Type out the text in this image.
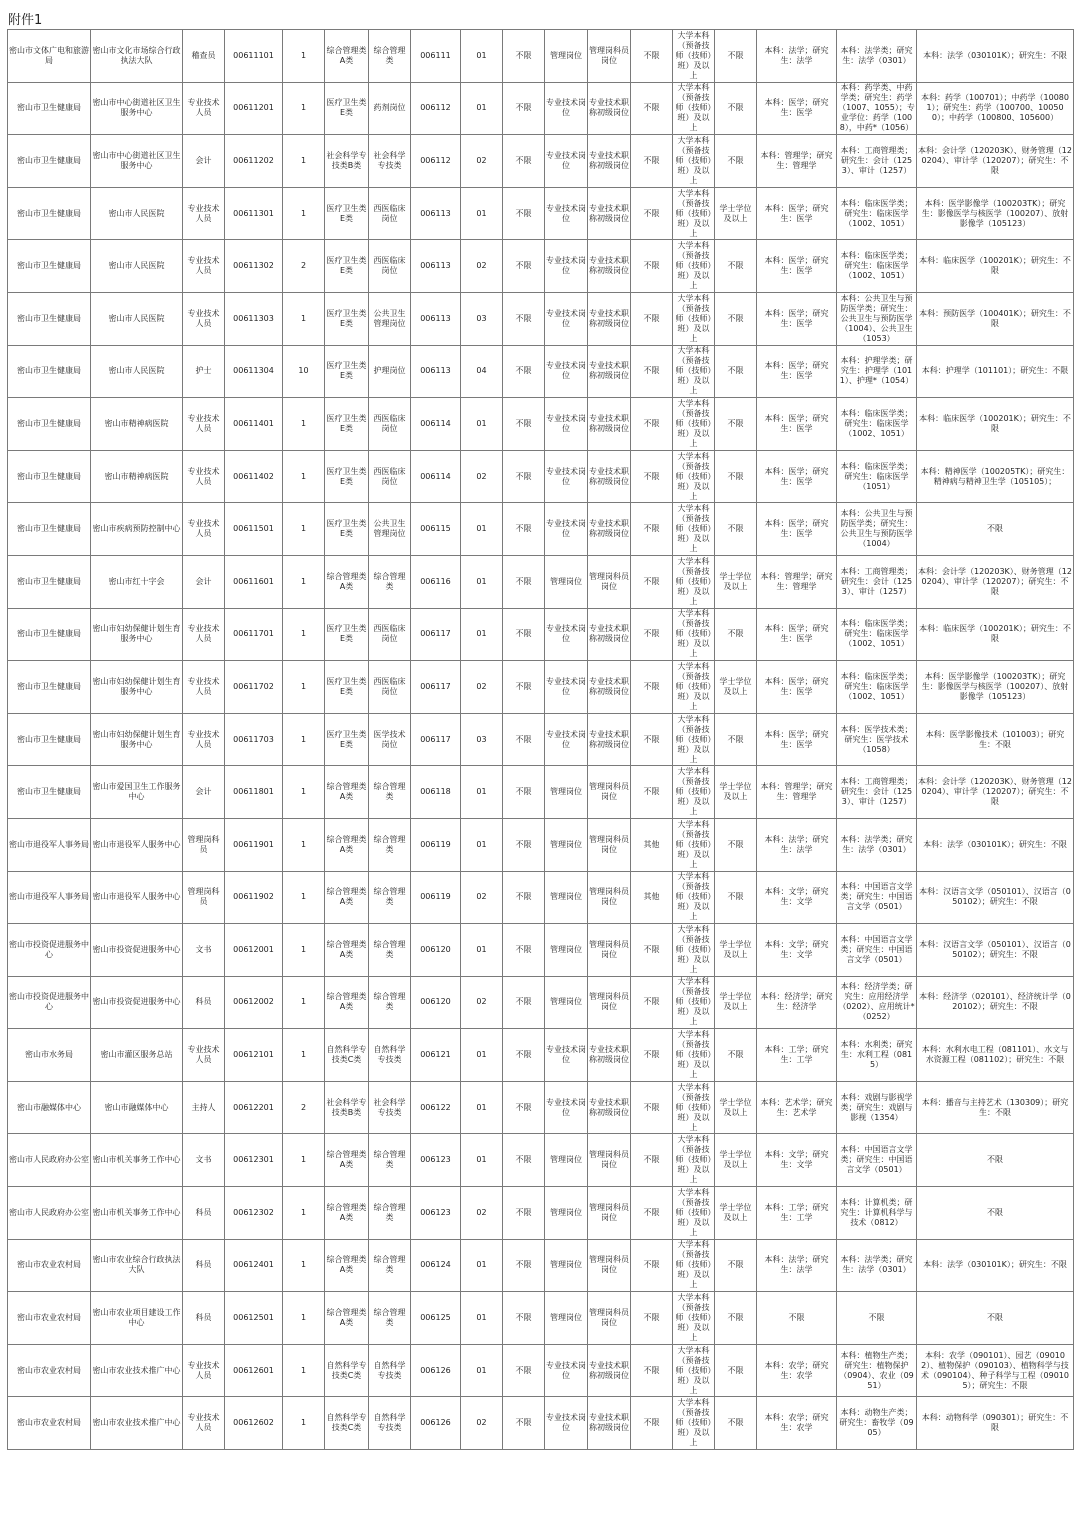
附件1
密山市文体广电和旅游局	密山市文化市场综合行政执法大队	稽查员	00611101	1	综合管理类A类	综合管理类	006111	01	不限	管理岗位	管理岗科员岗位	不限	大学本科（预备技师（技师）班）及以上	不限	本科：法学；研究生：法学	本科：法学类；研究生：法学（0301）	本科：法学（030101K）；研究生：不限
密山市卫生健康局	密山市中心街道社区卫生服务中心	专业技术人员	00611201	1	医疗卫生类E类	药剂岗位	006112	01	不限	专业技术岗位	专业技术职称初级岗位	不限	大学本科（预备技师（技师）班）及以上	不限	本科：医学；研究生：医学	本科：药学类、中药学类；研究生：药学（1007、1055）；专业学位：药学（1008），中药*（1056）	本科：药学（100701）；中药学（100801）；研究生：药学（100700、100500）；中药学（100800、105600）
密山市卫生健康局	密山市中心街道社区卫生服务中心	会计	00611202	1	社会科学专技类B类	社会科学专技类	006112	02	不限	专业技术岗位	专业技术职称初级岗位	不限	大学本科（预备技师（技师）班）及以上	不限	本科：管理学；研究生：管理学	本科：工商管理类；研究生：会计（1253）、审计（1257）	本科：会计学（120203K）、财务管理（120204）、审计学（120207）；研究生：不限
密山市卫生健康局	密山市人民医院	专业技术人员	00611301	1	医疗卫生类E类	西医临床岗位	006113	01	不限	专业技术岗位	专业技术职称初级岗位	不限	大学本科（预备技师（技师）班）及以上	学士学位及以上	本科：医学；研究生：医学	本科：临床医学类；研究生：临床医学（1002、1051）	本科：医学影像学（100203TK）；研究生：影像医学与核医学（100207）、放射影像学（105123）
密山市卫生健康局	密山市人民医院	专业技术人员	00611302	2	医疗卫生类E类	西医临床岗位	006113	02	不限	专业技术岗位	专业技术职称初级岗位	不限	大学本科（预备技师（技师）班）及以上	不限	本科：医学；研究生：医学	本科：临床医学类；研究生：临床医学（1002、1051）	本科：临床医学（100201K）；研究生：不限
密山市卫生健康局	密山市人民医院	专业技术人员	00611303	1	医疗卫生类E类	公共卫生管理岗位	006113	03	不限	专业技术岗位	专业技术职称初级岗位	不限	大学本科（预备技师（技师）班）及以上	不限	本科：医学；研究生：医学	本科：公共卫生与预防医学类；研究生：公共卫生与预防医学（1004）、公共卫生（1053）	本科：预防医学（100401K）；研究生：不限
密山市卫生健康局	密山市人民医院	护士	00611304	10	医疗卫生类E类	护理岗位	006113	04	不限	专业技术岗位	专业技术职称初级岗位	不限	大学本科（预备技师（技师）班）及以上	不限	本科：医学；研究生：医学	本科：护理学类；研究生：护理学（1011）、护理*（1054）	本科：护理学（101101）；研究生：不限
密山市卫生健康局	密山市精神病医院	专业技术人员	00611401	1	医疗卫生类E类	西医临床岗位	006114	01	不限	专业技术岗位	专业技术职称初级岗位	不限	大学本科（预备技师（技师）班）及以上	不限	本科：医学；研究生：医学	本科：临床医学类；研究生：临床医学（1002、1051）	本科：临床医学（100201K）；研究生：不限
密山市卫生健康局	密山市精神病医院	专业技术人员	00611402	1	医疗卫生类E类	西医临床岗位	006114	02	不限	专业技术岗位	专业技术职称初级岗位	不限	大学本科（预备技师（技师）班）及以上	不限	本科：医学；研究生：医学	本科：临床医学类；研究生：临床医学（1051）	本科：精神医学（100205TK）；研究生：精神病与精神卫生学（105105）；
密山市卫生健康局	密山市疾病预防控制中心	专业技术人员	00611501	1	医疗卫生类E类	公共卫生管理岗位	006115	01	不限	专业技术岗位	专业技术职称初级岗位	不限	大学本科（预备技师（技师）班）及以上	不限	本科：医学；研究生：医学	本科：公共卫生与预防医学类；研究生：公共卫生与预防医学（1004）	不限
密山市卫生健康局	密山市红十字会	会计	00611601	1	综合管理类A类	综合管理类	006116	01	不限	管理岗位	管理岗科员岗位	不限	大学本科（预备技师（技师）班）及以上	学士学位及以上	本科：管理学；研究生：管理学	本科：工商管理类；研究生：会计（1253）、审计（1257）	本科：会计学（120203K）、财务管理（120204）、审计学（120207）；研究生：不限
密山市卫生健康局	密山市妇幼保健计划生育服务中心	专业技术人员	00611701	1	医疗卫生类E类	西医临床岗位	006117	01	不限	专业技术岗位	专业技术职称初级岗位	不限	大学本科（预备技师（技师）班）及以上	不限	本科：医学；研究生：医学	本科：临床医学类；研究生：临床医学（1002、1051）	本科：临床医学（100201K）；研究生：不限
密山市卫生健康局	密山市妇幼保健计划生育服务中心	专业技术人员	00611702	1	医疗卫生类E类	西医临床岗位	006117	02	不限	专业技术岗位	专业技术职称初级岗位	不限	大学本科（预备技师（技师）班）及以上	学士学位及以上	本科：医学；研究生：医学	本科：临床医学类；研究生：临床医学（1002、1051）	本科：医学影像学（100203TK）；研究生：影像医学与核医学（100207）、放射影像学（105123）
密山市卫生健康局	密山市妇幼保健计划生育服务中心	专业技术人员	00611703	1	医疗卫生类E类	医学技术岗位	006117	03	不限	专业技术岗位	专业技术职称初级岗位	不限	大学本科（预备技师（技师）班）及以上	不限	本科：医学；研究生：医学	本科：医学技术类；研究生：医学技术（1058）	本科：医学影像技术（101003）；研究生：不限
密山市卫生健康局	密山市爱国卫生工作服务中心	会计	00611801	1	综合管理类A类	综合管理类	006118	01	不限	管理岗位	管理岗科员岗位	不限	大学本科（预备技师（技师）班）及以上	学士学位及以上	本科：管理学；研究生：管理学	本科：工商管理类；研究生：会计（1253）、审计（1257）	本科：会计学（120203K）、财务管理（120204）、审计学（120207）；研究生：不限
密山市退役军人事务局	密山市退役军人服务中心	管理岗科员	00611901	1	综合管理类A类	综合管理类	006119	01	不限	管理岗位	管理岗科员岗位	其他	大学本科（预备技师（技师）班）及以上	不限	本科：法学；研究生：法学	本科：法学类；研究生：法学（0301）	本科：法学（030101K）；研究生：不限
密山市退役军人事务局	密山市退役军人服务中心	管理岗科员	00611902	1	综合管理类A类	综合管理类	006119	02	不限	管理岗位	管理岗科员岗位	其他	大学本科（预备技师（技师）班）及以上	不限	本科：文学；研究生：文学	本科：中国语言文学类；研究生：中国语言文学（0501）	本科：汉语言文学（050101）、汉语言（050102）；研究生：不限
密山市投资促进服务中心	密山市投资促进服务中心	文书	00612001	1	综合管理类A类	综合管理类	006120	01	不限	管理岗位	管理岗科员岗位	不限	大学本科（预备技师（技师）班）及以上	学士学位及以上	本科：文学；研究生：文学	本科：中国语言文学类；研究生：中国语言文学（0501）	本科：汉语言文学（050101）、汉语言（050102）；研究生：不限
密山市投资促进服务中心	密山市投资促进服务中心	科员	00612002	1	综合管理类A类	综合管理类	006120	02	不限	管理岗位	管理岗科员岗位	不限	大学本科（预备技师（技师）班）及以上	学士学位及以上	本科：经济学；研究生：经济学	本科：经济学类；研究生：应用经济学（0202）、应用统计*（0252）	本科：经济学（020101）、经济统计学（020102）；研究生：不限
密山市水务局	密山市灌区服务总站	专业技术人员	00612101	1	自然科学专技类C类	自然科学专技类	006121	01	不限	专业技术岗位	专业技术职称初级岗位	不限	大学本科（预备技师（技师）班）及以上	不限	本科：工学；研究生：工学	本科：水利类；研究生：水利工程（0815）	本科：水利水电工程（081101）、水文与水资源工程（081102）；研究生：不限
密山市融媒体中心	密山市融媒体中心	主持人	00612201	2	社会科学专技类B类	社会科学专技类	006122	01	不限	专业技术岗位	专业技术职称初级岗位	不限	大学本科（预备技师（技师）班）及以上	学士学位及以上	本科：艺术学；研究生：艺术学	本科：戏剧与影视学类；研究生：戏剧与影视（1354）	本科：播音与主持艺术（130309）；研究生：不限
密山市人民政府办公室	密山市机关事务工作中心	文书	00612301	1	综合管理类A类	综合管理类	006123	01	不限	管理岗位	管理岗科员岗位	不限	大学本科（预备技师（技师）班）及以上	学士学位及以上	本科：文学；研究生：文学	本科：中国语言文学类；研究生：中国语言文学（0501）	不限
密山市人民政府办公室	密山市机关事务工作中心	科员	00612302	1	综合管理类A类	综合管理类	006123	02	不限	管理岗位	管理岗科员岗位	不限	大学本科（预备技师（技师）班）及以上	学士学位及以上	本科：工学；研究生：工学	本科：计算机类；研究生：计算机科学与技术（0812）	不限
密山市农业农村局	密山市农业综合行政执法大队	科员	00612401	1	综合管理类A类	综合管理类	006124	01	不限	管理岗位	管理岗科员岗位	不限	大学本科（预备技师（技师）班）及以上	不限	本科：法学；研究生：法学	本科：法学类；研究生：法学（0301）	本科：法学（030101K）；研究生：不限
密山市农业农村局	密山市农业项目建设工作中心	科员	00612501	1	综合管理类A类	综合管理类	006125	01	不限	管理岗位	管理岗科员岗位	不限	大学本科（预备技师（技师）班）及以上	不限	不限	不限	不限
密山市农业农村局	密山市农业技术推广中心	专业技术人员	00612601	1	自然科学专技类C类	自然科学专技类	006126	01	不限	专业技术岗位	专业技术职称初级岗位	不限	大学本科（预备技师（技师）班）及以上	不限	本科：农学；研究生：农学	本科：植物生产类；研究生：植物保护（0904）、农业（0951）	本科：农学（090101）、园艺（090102）、植物保护（090103）、植物科学与技术（090104）、种子科学与工程（090105）；研究生：不限
密山市农业农村局	密山市农业技术推广中心	专业技术人员	00612602	1	自然科学专技类C类	自然科学专技类	006126	02	不限	专业技术岗位	专业技术职称初级岗位	不限	大学本科（预备技师（技师）班）及以上	不限	本科：农学；研究生：农学	本科：动物生产类；研究生：畜牧学（0905）	本科：动物科学（090301）；研究生：不限
